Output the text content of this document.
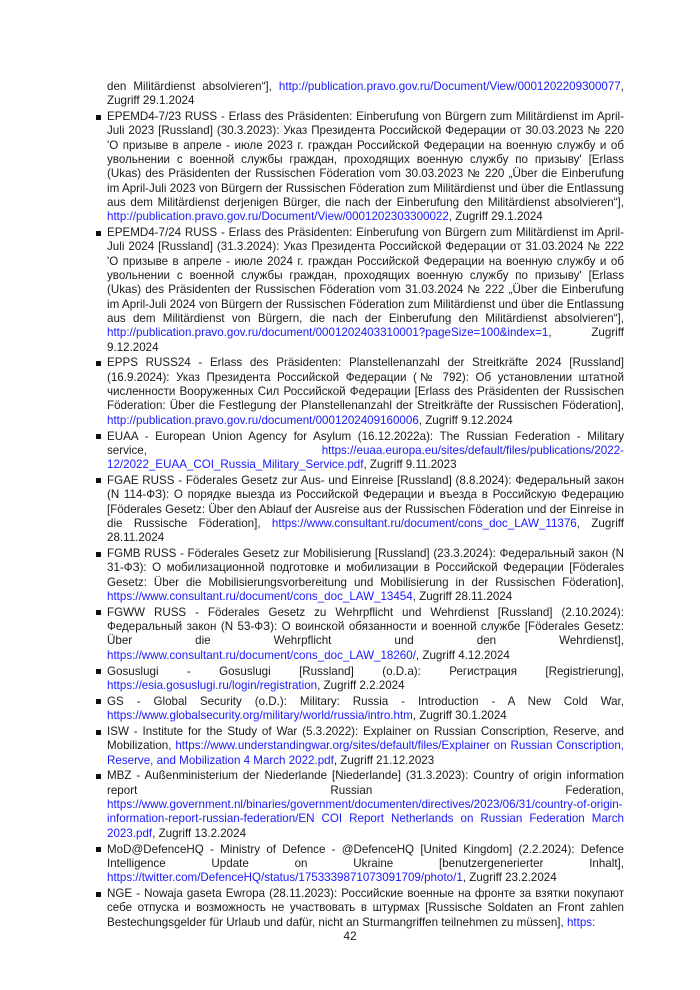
den Militärdienst absolvieren“], http://publication.pravo.gov.ru/Document/View/0001202209300077, Zugriff 29.1.2024
EPEMD4-7/23 RUSS - Erlass des Präsidenten: Einberufung von Bürgern zum Militärdienst im April-Juli 2023 [Russland] (30.3.2023): Указ Президента Российской Федерации от 30.03.2023 № 220 'О призыве в апреле - июле 2023 г. граждан Российской Федерации на военную службу и об увольнении с военной службы граждан, проходящих военную службу по призыву' [Erlass (Ukas) des Präsidenten der Russischen Föderation vom 30.03.2023 № 220 „Über die Einberufung im April-Juli 2023 von Bürgern der Russischen Föderation zum Militärdienst und über die Entlassung aus dem Militärdienst derjenigen Bürger, die nach der Einberufung den Militärdienst absolvieren“], http://publication.pravo.gov.ru/Document/View/0001202303300022, Zugriff 29.1.2024
EPEMD4-7/24 RUSS - Erlass des Präsidenten: Einberufung von Bürgern zum Militärdienst im April-Juli 2024 [Russland] (31.3.2024): Указ Президента Российской Федерации от 31.03.2024 № 222 'О призыве в апреле - июле 2024 г. граждан Российской Федерации на военную службу и об увольнении с военной службы граждан, проходящих военную службу по призыву' [Erlass (Ukas) des Präsidenten der Russischen Föderation vom 31.03.2024 № 222 „Über die Einberufung im April-Juli 2024 von Bürgern der Russischen Föderation zum Militärdienst und über die Entlassung aus dem Militärdienst von Bürgern, die nach der Einberufung den Militärdienst absolvieren“], http://publication.pravo.gov.ru/document/0001202403310001?pageSize=100&index=1, Zugriff 9.12.2024
EPPS RUSS24 - Erlass des Präsidenten: Planstellenanzahl der Streitkräfte 2024 [Russland] (16.9.2024): Указ Президента Российской Федерации (№ 792): Об установлении штатной численности Вооруженных Сил Российской Федерации [Erlass des Präsidenten der Russischen Föderation: Über die Festlegung der Planstellenanzahl der Streitkräfte der Russischen Föderation], http://publication.pravo.gov.ru/document/0001202409160006, Zugriff 9.12.2024
EUAA - European Union Agency for Asylum (16.12.2022a): The Russian Federation - Military service, https://euaa.europa.eu/sites/default/files/publications/2022-12/2022_EUAA_COI_Russia_Military_Service.pdf, Zugriff 9.11.2023
FGAE RUSS - Föderales Gesetz zur Aus- und Einreise [Russland] (8.8.2024): Федеральный закон (N 114-ФЗ): О порядке выезда из Российской Федерации и въезда в Российскую Федерацию [Föderales Gesetz: Über den Ablauf der Ausreise aus der Russischen Föderation und der Einreise in die Russische Föderation], https://www.consultant.ru/document/cons_doc_LAW_11376, Zugriff 28.11.2024
FGMB RUSS - Föderales Gesetz zur Mobilisierung [Russland] (23.3.2024): Федеральный закон (N 31-ФЗ): О мобилизационной подготовке и мобилизации в Российской Федерации [Föderales Gesetz: Über die Mobilisierungsvorbereitung und Mobilisierung in der Russischen Föderation], https://www.consultant.ru/document/cons_doc_LAW_13454, Zugriff 28.11.2024
FGWW RUSS - Föderales Gesetz zu Wehrpflicht und Wehrdienst [Russland] (2.10.2024): Федеральный закон (N 53-ФЗ): О воинской обязанности и военной службе [Föderales Gesetz: Über die Wehrpflicht und den Wehrdienst], https://www.consultant.ru/document/cons_doc_LAW_18260/, Zugriff 4.12.2024
Gosuslugi - Gosuslugi [Russland] (o.D.a): Регистрация [Registrierung], https://esia.gosuslugi.ru/login/registration, Zugriff 2.2.2024
GS - Global Security (o.D.): Military: Russia - Introduction - A New Cold War, https://www.globalsecurity.org/military/world/russia/intro.htm, Zugriff 30.1.2024
ISW - Institute for the Study of War (5.3.2022): Explainer on Russian Conscription, Reserve, and Mobilization, https://www.understandingwar.org/sites/default/files/Explainer on Russian Conscription, Reserve, and Mobilization 4 March 2022.pdf, Zugriff 21.12.2023
MBZ - Außenministerium der Niederlande [Niederlande] (31.3.2023): Country of origin information report Russian Federation, https://www.government.nl/binaries/government/documenten/directives/2023/06/31/country-of-origin-information-report-russian-federation/EN COI Report Netherlands on Russian Federation March 2023.pdf, Zugriff 13.2.2024
MoD@DefenceHQ - Ministry of Defence - @DefenceHQ [United Kingdom] (2.2.2024): Defence Intelligence Update on Ukraine [benutzergenerierter Inhalt], https://twitter.com/DefenceHQ/status/1753339871073091709/photo/1, Zugriff 23.2.2024
NGE - Nowaja gaseta Ewropa (28.11.2023): Российские военные на фронте за взятки покупают себе отпуска и возможность не участвовать в штурмах [Russische Soldaten an Front zahlen Bestechungsgelder für Urlaub und dafür, nicht an Sturmangriffen teilnehmen zu müssen], https:
42
